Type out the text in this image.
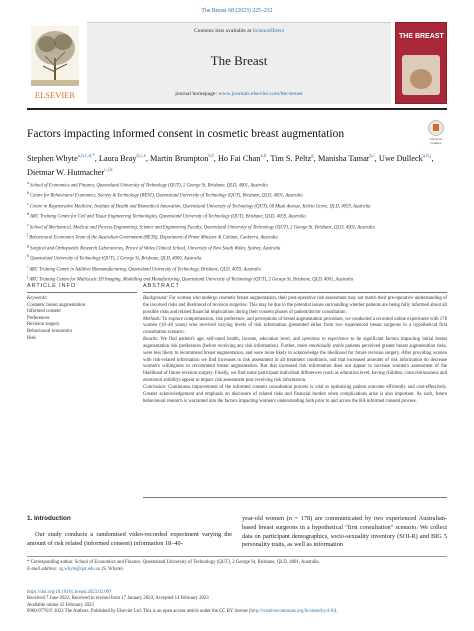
The Breast 68 (2023) 225–232
ELSEVIER
Contents lists available at ScienceDirect
The Breast
journal homepage: www.journals.elsevier.com/the-breast
THE BREAST
Factors impacting informed consent in cosmetic breast augmentation	Check for updates
Stephen Whyte$^{a,b,c,d,*}$, Laura Bray$^{b,c,e}$, Martin Brumpton$^{b,f}$, Ho Fai Chan$^{a,b}$, Tim S. Peltz$^g$, Manisha Tamar$^{h,i}$, Uwe Dulleck$^{a,b,j}$, Dietmar W. Hutmacher$^{c,i,k}$
$^a$ School of Economics and Finance, Queensland University of Technology (QUT), 2 George St, Brisbane, QLD, 4001, Australia
$^b$ Centre for Behavioural Economics, Society & Technology (BEST), Queensland University of Technology (QUT), Brisbane, QLD, 4001, Australia
$^c$ Centre in Regenerative Medicine, Institute of Health and Biomedical Innovation, Queensland University of Technology (QUT), 60 Musk Avenue, Kelvin Grove, QLD, 4059, Australia
$^d$ ARC Training Centre for Cell and Tissue Engineering Technologies, Queensland University of Technology (QUT), Brisbane, QLD, 4059, Australia
$^e$ School of Mechanical, Medical and Process Engineering, Science and Engineering Faculty, Queensland University of Technology (QUT), 2 George St, Brisbane, QLD, 4001, Australia
$^f$ Behavioural Economics Team of the Australian Government (BETA), Department of Prime Minister & Cabinet, Canberra, Australia
$^g$ Surgical and Orthopaedic Research Laboratories, Prince of Wales Clinical School, University of New South Wales, Sydney, Australia
$^h$ Queensland University of Technology (QUT), 2 George St, Brisbane, QLD, 4000, Australia
$^i$ ARC Training Centre in Additive Biomanufacturing, Queensland University of Technology, Brisbane, QLD, 4059, Australia
$^j$ ARC Training Centre for Multiscale 3D Imaging, Modelling and Manufacturing, Queensland University of Technology (QUT), 2 George St, Brisbane, QLD, 4001, Australia
ARTICLE INFO
Keywords:
Cosmetic breast augmentation
Informed consent
Preferences
Revision surgery
Behavioural economics
Risk
ABSTRACT

Background: For women who undergo cosmetic breast augmentation, their post-operative risk assessment may not match their pre-operative understanding of the involved risks and likelihood of revision surgeries. This may be due to the potential issues surrounding whether patients are being fully informed about all possible risks and related financial implications during their consent phases of patient/doctor consultation.

Methods: To explore comprehension, risk preference, and perceptions of breast augmentation procedure, we conducted a recorded online experiment with 178 women (18–40 years) who received varying levels of risk information (presented either from two experienced breast surgeons in a hypothetical first consultation scenario.

Results: We find patient's age, self-rated health, income, education level, and openness to experience to be significant factors impacting initial breast augmentation risk preferences (before receiving any risk information). Further, more emotionally stable patients perceived greater breast augmentation risks, were less likely to recommend breast augmentation, and were more likely to acknowledge the likelihood for future revision surgery. After providing women with risk-related information we find increases in risk assessment in all treatment conditions, and that increased amounts of risk information do decrease women's willingness to recommend breast augmentation. But that increased risk information does not appear to increase women's assessment of the likelihood of future revision surgery. Finally, we find some participant individual differences (such as education level, having children, conscientiousness and emotional stability) appear to impact risk assessment post receiving risk information.

Conclusion: Continuous improvement of the informed consent consultation process is vital to optimising patient outcome efficiently and cost-effectively. Greater acknowledgement and emphasis on disclosure of related risks and financial burden when complications arise is also important. As such, future behavioural research is warranted into the factors impacting women's understanding both prior to and across the BA informed consent process.

1. Introduction

Our study conducts a randomised video-recorded experiment varying the amount of risk related (informed consent) information 18–40-

year-old women (n = 178) are communicated by two experienced Australian-based breast surgeons in a hypothetical "first consultation" scenario. We collect data on participant demographics, socio-sexuality inventory (SOI-R) and BIG 5 personality traits, as well as information

* Corresponding author. School of Economics and Finance, Queensland University of Technology (QUT), 2 George St, Brisbane, QLD, 4001, Australia.
E-mail address: sg.whyte@qut.edu.au (S. Whyte).
https://doi.org/10.1016/j.breast.2023.02.007
Received 7 June 2022; Received in revised form 17 January 2023; Accepted 14 February 2023
Available online 22 February 2023
0960-9776/© 2023 The Authors. Published by Elsevier Ltd. This is an open access article under the CC BY license (http://creativecommons.org/licenses/by/4.0/).
